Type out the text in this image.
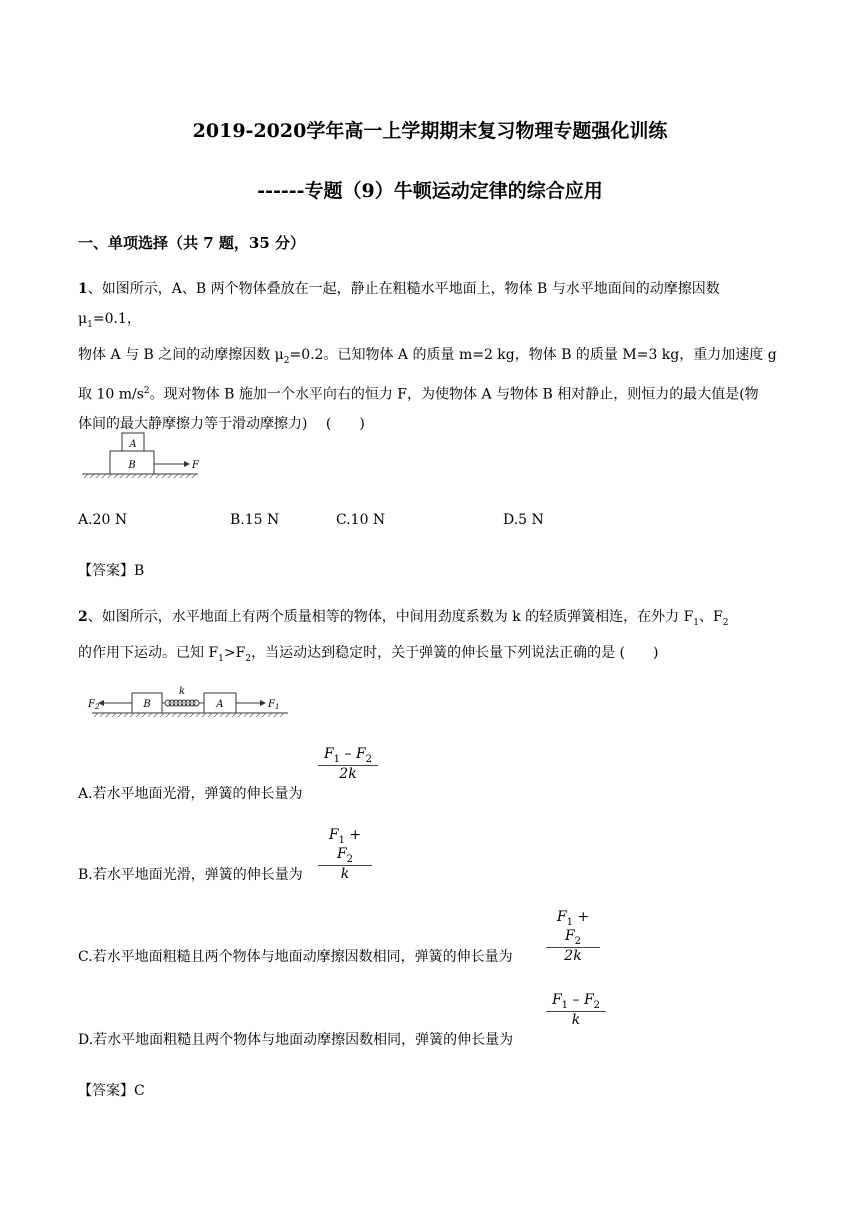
2019-2020学年高一上学期期末复习物理专题强化训练
------专题（9）牛顿运动定律的综合应用
一、单项选择（共 7 题，35 分）
1、如图所示，A、B 两个物体叠放在一起，静止在粗糙水平地面上，物体 B 与水平地面间的动摩擦因数 $\mu_1=0.1$，
物体 A 与 B 之间的动摩擦因数 $\mu_2=0.2$。已知物体 A 的质量 m=2 kg，物体 B 的质量 M=3 kg，重力加速度 g
取 10 $m/s^2$。现对物体 B 施加一个水平向右的恒力 F，为使物体 A 与物体 B 相对静止，则恒力的最大值是(物
体间的最大静摩擦力等于滑动摩擦力)　 (　　)
A
B	F
A.20 N	B.15 N	C.10 N	D.5 N
【答案】B
2、如图所示，水平地面上有两个质量相等的物体，中间用劲度系数为 k 的轻质弹簧相连，在外力 $F_1$、$F_2$
的作用下运动。已知 $F_1>F_2$，当运动达到稳定时，关于弹簧的伸长量下列说法正确的是 (　　)
$F_2$	B
k
A	$F_1$
A.若水平地面光滑，弹簧的伸长量为
$F_1 - F_2$
2k
B.若水平地面光滑，弹簧的伸长量为
$F_1 + F_2$
k
C.若水平地面粗糙且两个物体与地面动摩擦因数相同，弹簧的伸长量为
$F_1 + F_2$
2k
D.若水平地面粗糙且两个物体与地面动摩擦因数相同，弹簧的伸长量为
$F_1 - F_2$
k
【答案】C
